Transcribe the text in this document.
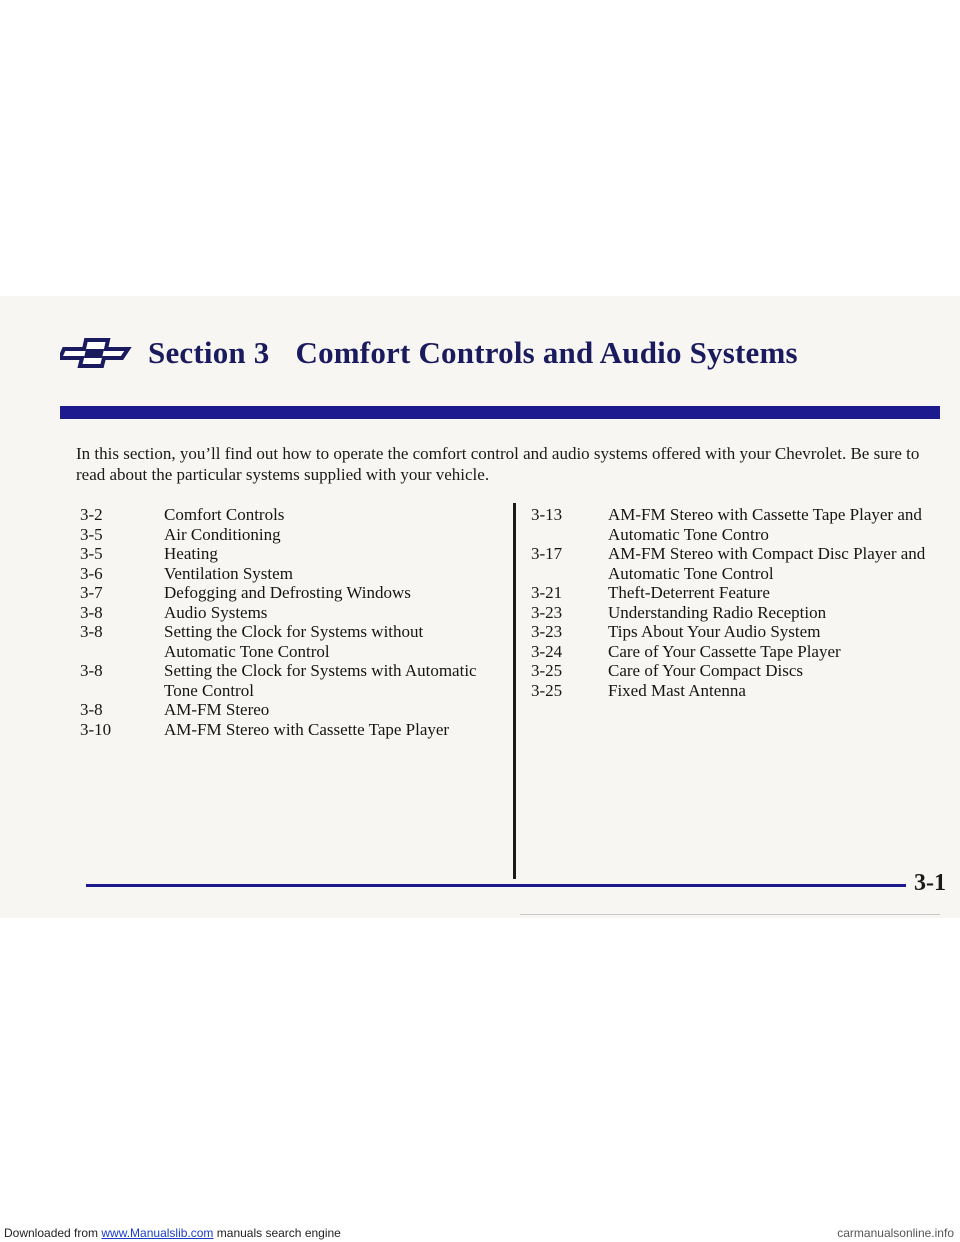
Section 3 Comfort Controls and Audio Systems

In this section, you’ll find out how to operate the comfort control and audio systems offered with your Chevrolet. Be sure to read about the particular systems supplied with your vehicle.

3-2	Comfort Controls
3-5	Air Conditioning
3-5	Heating
3-6	Ventilation System
3-7	Defogging and Defrosting Windows
3-8	Audio Systems
3-8	Setting the Clock for Systems without
Automatic Tone Control
3-8	Setting the Clock for Systems with Automatic
Tone Control
3-8	AM-FM Stereo
3-10	AM-FM Stereo with Cassette Tape Player
3-13	AM-FM Stereo with Cassette Tape Player and
Automatic Tone Contro
3-17	AM-FM Stereo with Compact Disc Player and
Automatic Tone Control
3-21	Theft-Deterrent Feature
3-23	Understanding Radio Reception
3-23	Tips About Your Audio System
3-24	Care of Your Cassette Tape Player
3-25	Care of Your Compact Discs
3-25	Fixed Mast Antenna
3-1
Downloaded from www.Manualslib.com manuals search engine	carmanualsonline.info
